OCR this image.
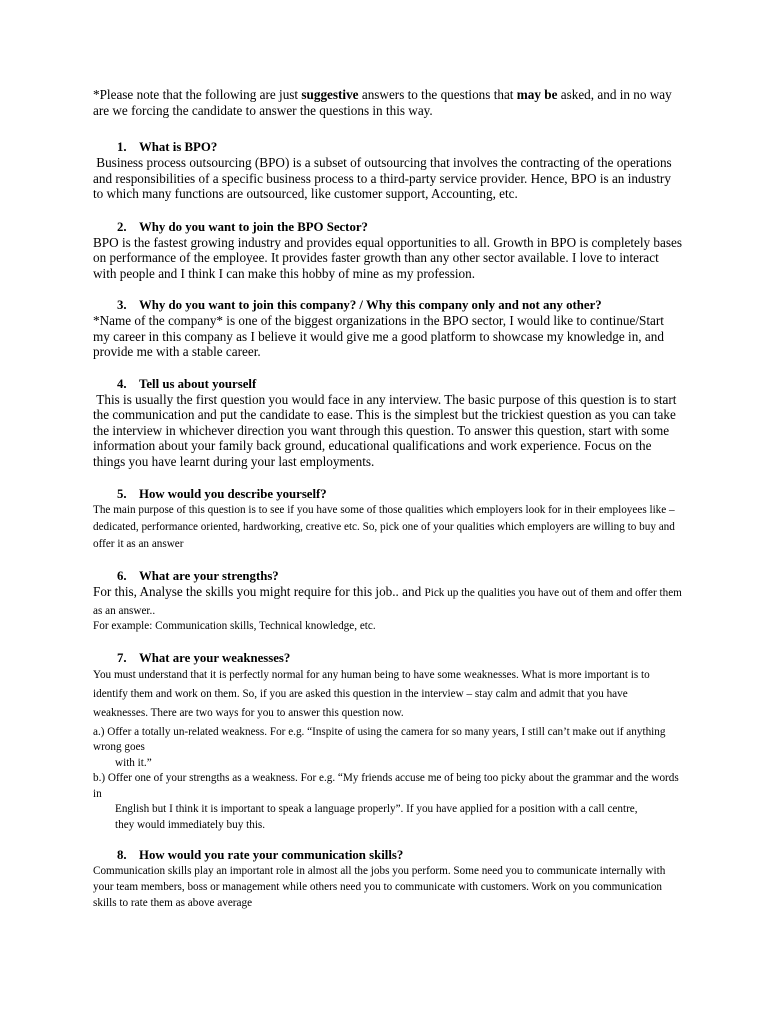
*Please note that the following are just suggestive answers to the questions that may be asked, and in no way are we forcing the candidate to answer the questions in this way.

1. What is BPO?

Business process outsourcing (BPO) is a subset of outsourcing that involves the contracting of the operations and responsibilities of a specific business process to a third-party service provider. Hence, BPO is an industry to which many functions are outsourced, like customer support, Accounting, etc.

2. Why do you want to join the BPO Sector?

BPO is the fastest growing industry and provides equal opportunities to all. Growth in BPO is completely bases on performance of the employee. It provides faster growth than any other sector available. I love to interact with people and I think I can make this hobby of mine as my profession.

3. Why do you want to join this company? / Why this company only and not any other?

*Name of the company* is one of the biggest organizations in the BPO sector, I would like to continue/Start my career in this company as I believe it would give me a good platform to showcase my knowledge in, and provide me with a stable career.

4. Tell us about yourself

This is usually the first question you would face in any interview. The basic purpose of this question is to start the communication and put the candidate to ease. This is the simplest but the trickiest question as you can take the interview in whichever direction you want through this question. To answer this question, start with some information about your family back ground, educational qualifications and work experience. Focus on the things you have learnt during your last employments.

5. How would you describe yourself?

The main purpose of this question is to see if you have some of those qualities which employers look for in their employees like – dedicated, performance oriented, hardworking, creative etc. So, pick one of your qualities which employers are willing to buy and offer it as an answer

6. What are your strengths?

For this, Analyse the skills you might require for this job.. and Pick up the qualities you have out of them and offer them as an answer..

For example: Communication skills, Technical knowledge, etc.

7. What are your weaknesses?

You must understand that it is perfectly normal for any human being to have some weaknesses. What is more important is to identify them and work on them. So, if you are asked this question in the interview – stay calm and admit that you have weaknesses. There are two ways for you to answer this question now.

a.) Offer a totally un-related weakness. For e.g. “Inspite of using the camera for so many years, I still can’t make out if anything wrong goes

with it.”

b.) Offer one of your strengths as a weakness. For e.g. “My friends accuse me of being too picky about the grammar and the words in

English but I think it is important to speak a language properly”. If you have applied for a position with a call centre, they would immediately buy this.

8. How would you rate your communication skills?

Communication skills play an important role in almost all the jobs you perform. Some need you to communicate internally with your team members, boss or management while others need you to communicate with customers. Work on you communication skills to rate them as above average
